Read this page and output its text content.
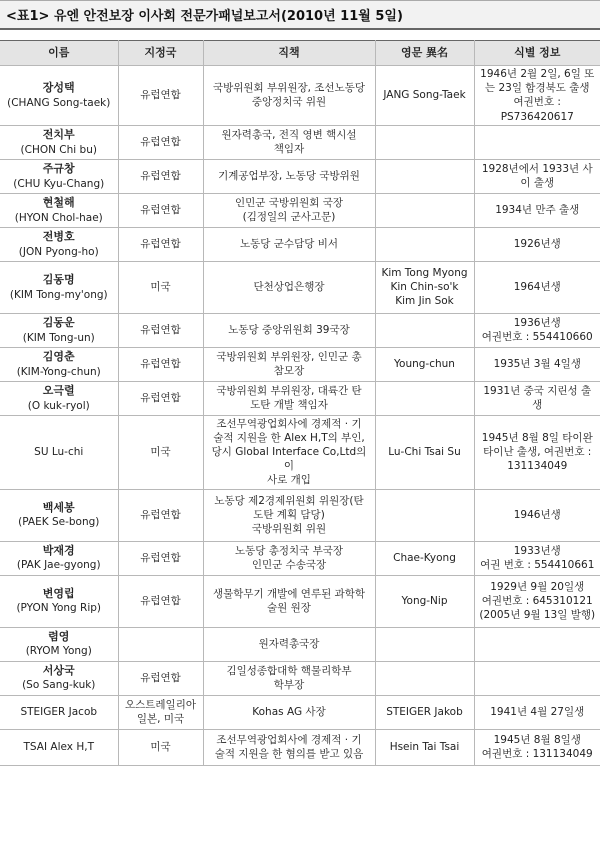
<표1> 유엔 안전보장 이사회 전문가패널보고서(2010년 11월 5일)
이름	지정국	직책	영문 異名	식별 정보

장성택
(CHANG Song-taek)	유럽연합	국방위원회 부위원장, 조선노동당
중앙정치국 위원	JANG Song-Taek	1946년 2월 2일, 6일 또
는 23일 함경북도 출생
여권번호 :
PS736420617

전치부
(CHON Chi bu)	유럽연합	원자력총국, 전직 영변 핵시설
책임자		

주규창
(CHU Kyu-Chang)	유럽연합	기계공업부장, 노동당 국방위원		1928년에서 1933년 사
이 출생

현철해
(HYON Chol-hae)	유럽연합	인민군 국방위원회 국장
(김정일의 군사고문)		1934년 만주 출생

전병호
(JON Pyong-ho)	유럽연합	노동당 군수담당 비서		1926년생

김동명
(KIM Tong-my'ong)	미국	단천상업은행장	Kim Tong Myong
Kin Chin-so'k
Kim Jin Sok	1964년생

김동운
(KIM Tong-un)	유럽연합	노동당 중앙위원회 39국장		1936년생
여권번호 : 554410660

김영춘
(KIM-Yong-chun)	유럽연합	국방위원회 부위원장, 인민군 총
참모장	Young-chun	1935년 3월 4일생

오극렬
(O kuk-ryol)	유럽연합	국방위원회 부위원장, 대륙간 탄
도탄 개발 책임자		1931년 중국 지린성 출
생

SU Lu-chi	미국	조선무역광업회사에 경제적 · 기
술적 지원을 한 Alex H,T의 부인,
당시 Global Interface Co,Ltd의 이
사로 개입	Lu-Chi Tsai Su	1945년 8월 8일 타이완
타이난 출생, 여권번호 :
131134049

백세봉
(PAEK Se-bong)	유럽연합	노동당 제2경제위원회 위원장(탄
도탄 계획 담당)
국방위원회 위원		1946년생

박재경
(PAK Jae-gyong)	유럽연합	노동당 총정치국 부국장
인민군 수송국장	Chae-Kyong	1933년생
여권 번호 : 554410661

변영립
(PYON Yong Rip)	유럽연합	생물학무기 개발에 연루된 과학학
술원 원장	Yong-Nip	1929년 9월 20일생
여권번호 : 645310121
(2005년 9월 13일 발행)

렴영
(RYOM Yong)		원자력총국장		

서상국
(So Sang-kuk)	유럽연합	김일성종합대학 핵물리학부
학부장		

STEIGER Jacob	오스트레일리아
일본, 미국	Kohas AG 사장	STEIGER Jakob	1941년 4월 27일생

TSAI Alex H,T	미국	조선무역광업회사에 경제적 · 기
술적 지원을 한 혐의를 받고 있음	Hsein Tai Tsai	1945년 8월 8일생
여권번호 : 131134049
